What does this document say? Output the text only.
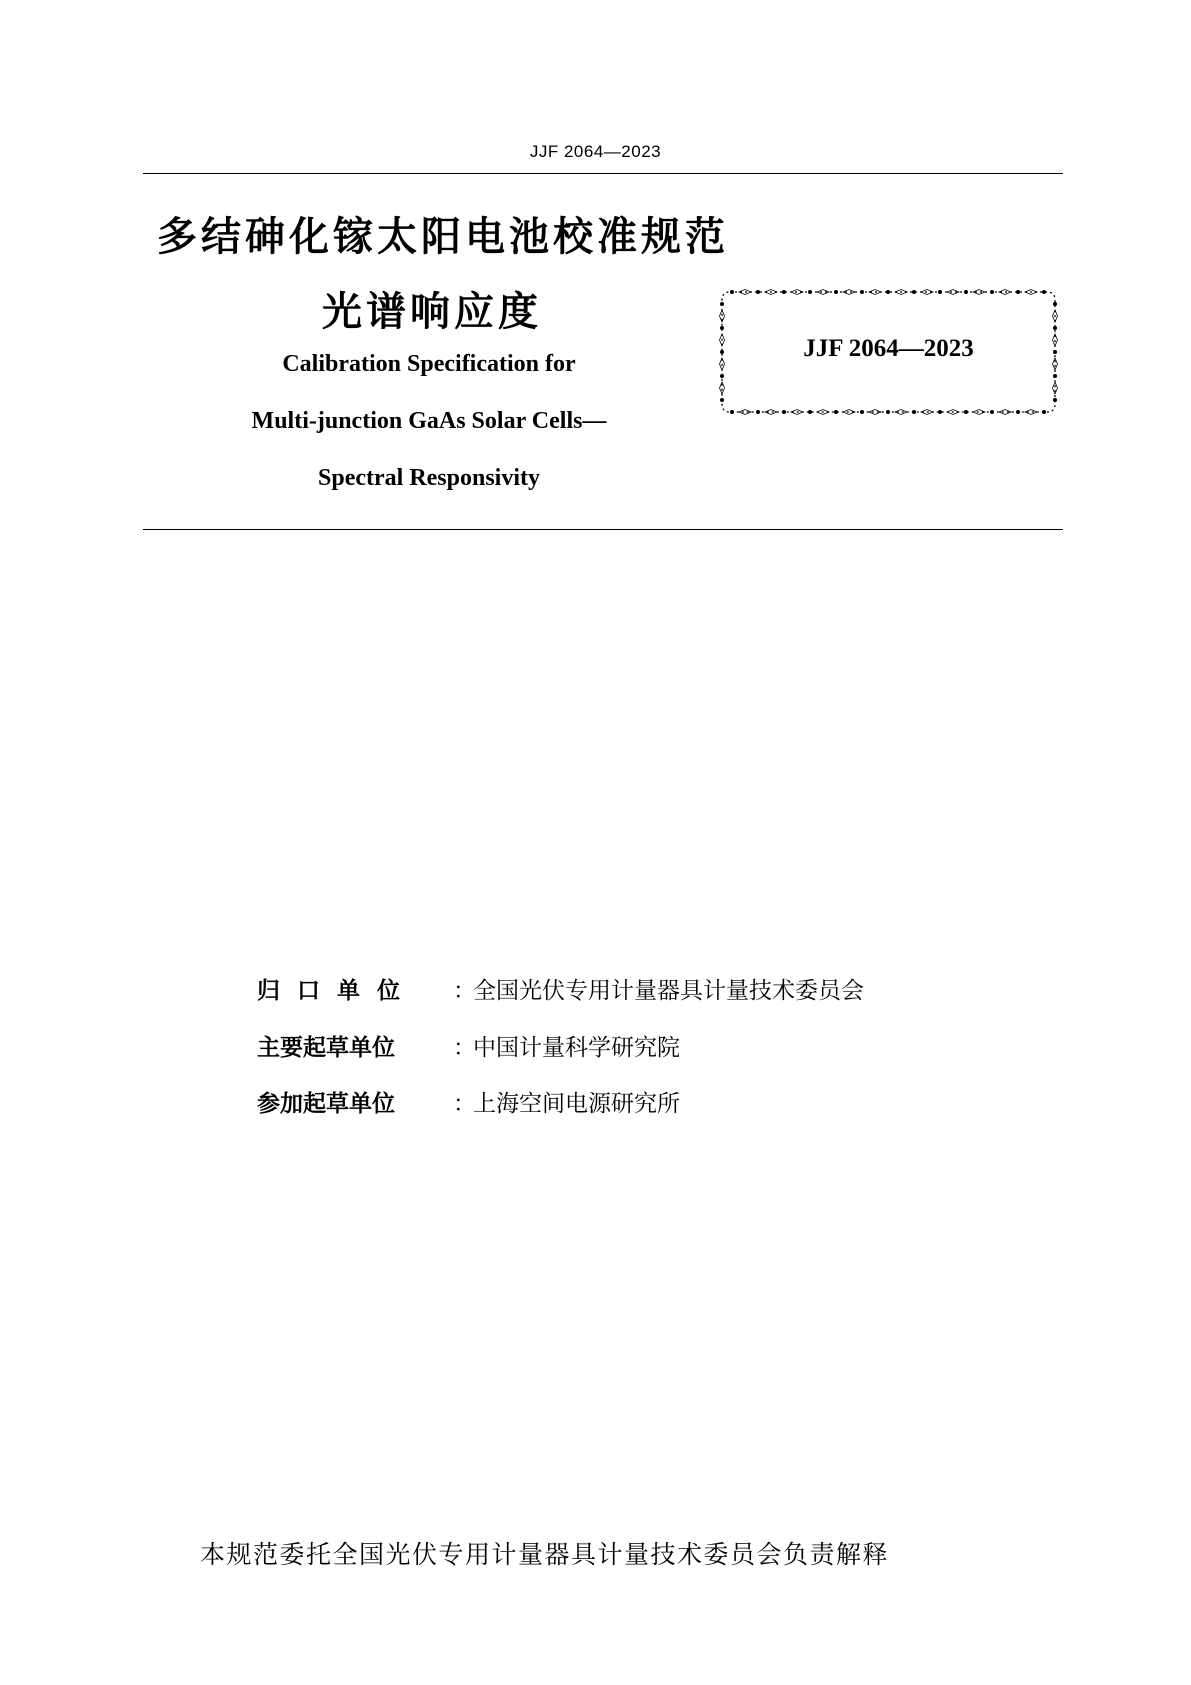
JJF 2064—2023
多结砷化镓太阳电池校准规范
光谱响应度
Calibration Specification for
Multi-junction GaAs Solar Cells—
Spectral Responsivity
JJF 2064—2023
归口单位	：
全国光伏专用计量器具计量技术委员会
主要起草单位	：
中国计量科学研究院
参加起草单位	：
上海空间电源研究所
本规范委托全国光伏专用计量器具计量技术委员会负责解释
